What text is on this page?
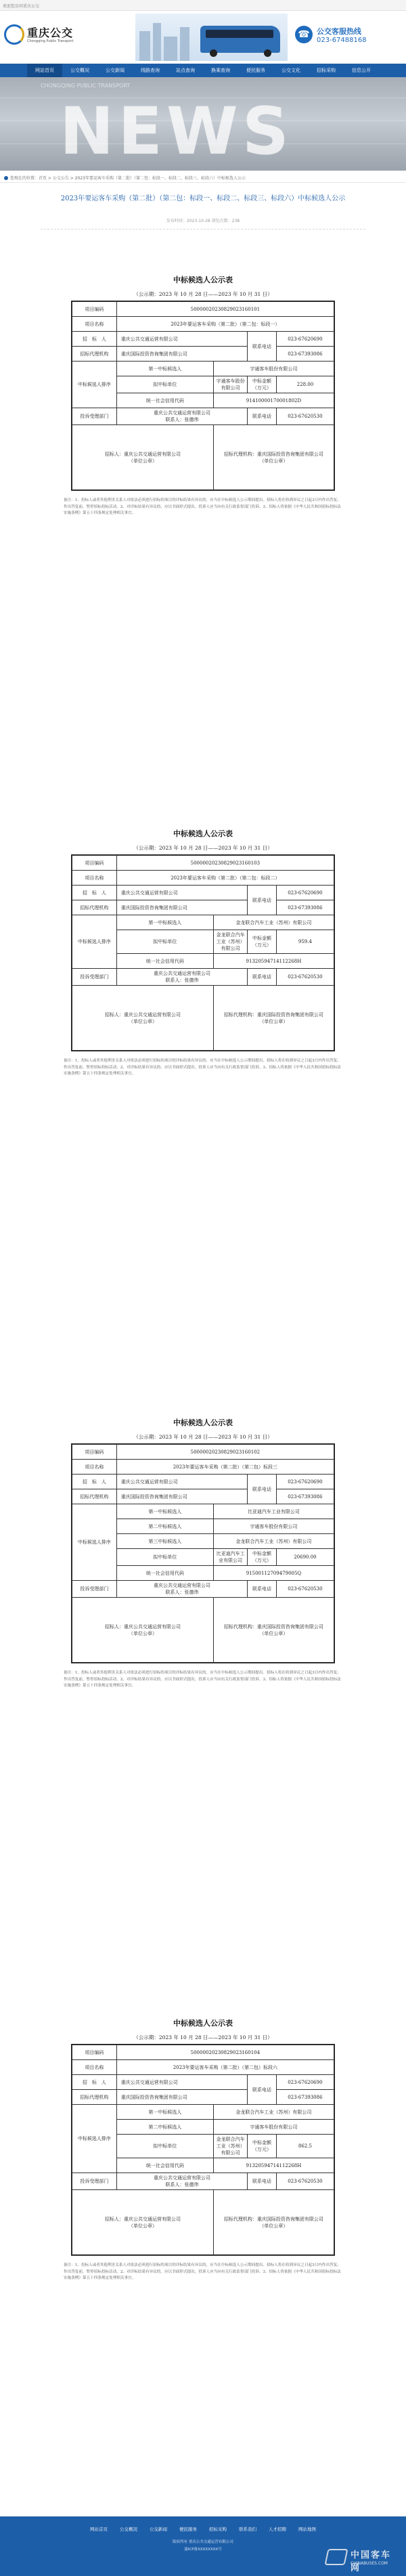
欢迎您访问重庆公交
重庆公交
Chongqing Public Transport
☎ 公交客服热线
023-67488168
网站首页	公交概况	公交新闻	线路查询	站点查询	换乘查询	便民服务	公交文化	招标采购	信息公开
CHONGQING PUBLIC TRANSPORT
NEWS
您现在的位置：首页 > 公交公告 > 2023年要运客车采购（第二批）（第二包：标段一、标段二、标段三、标段六）中标候选人公示
2023年要运客车采购（第二批）（第二包：标段一、标段二、标段三、标段六）中标候选人公示
发布时间：2023-10-28 浏览次数：238
中标候选人公示表
（公示期：2023 年 10 月 28 日——2023 年 10 月 31 日）
项目编码	50000020230829023160101			
项目名称	2023年要运客车采购（第二批）（第二包：标段一）			
招　标　人	重庆公共交通运营有限公司		联系电话	023-67620690
招标代理机构	重庆国际投资咨询集团有限公司			023-67393086
中标候选人排序	第一中标候选人	宇通客车股份有限公司		
	拟中标单位	宇通客车股份有限公司	中标金额（万元）	228.00
	统一社会信用代码	91410000170001802D		
投诉受理部门	重庆公共交通运营有限公司
联系人：张德伟		联系电话	023-67620530
招标人：重庆公共交通运营有限公司
（单位公章）		招标代理机构：重庆国际投资咨询集团有限公司
（单位公章）		
备注：1、投标人或者其他利害关系人对依法必须进行招标的项目的评标结果有异议的，应当在中标候选人公示期间提出。招标人将在收到异议之日起3日内作出答复；作出答复前，暂停招标投标活动。2、对评标结果有异议的，应以书面形式提出，投诉人应当向有关行政监督部门投诉。3、招标人将依据《中华人民共和国招标投标法实施条例》第五十四条规定处理相关事宜。
中标候选人公示表
（公示期：2023 年 10 月 28 日——2023 年 10 月 31 日）
项目编码	50000020230829023160103			
项目名称	2023年要运客车采购（第二批）（第二包：标段二）			
招　标　人	重庆公共交通运营有限公司		联系电话	023-67620690
招标代理机构	重庆国际投资咨询集团有限公司			023-67393086
中标候选人排序	第一中标候选人	金龙联合汽车工业（苏州）有限公司		
	拟中标单位	金龙联合汽车工业（苏州）有限公司	中标金额（万元）	959.4
	统一社会信用代码	91320594714112268H		
投诉受理部门	重庆公共交通运营有限公司
联系人：张德伟		联系电话	023-67620530
招标人：重庆公共交通运营有限公司
（单位公章）		招标代理机构：重庆国际投资咨询集团有限公司
（单位公章）		
备注：1、投标人或者其他利害关系人对依法必须进行招标的项目的评标结果有异议的，应当在中标候选人公示期间提出。招标人将在收到异议之日起3日内作出答复；作出答复前，暂停招标投标活动。2、对评标结果有异议的，应以书面形式提出，投诉人应当向有关行政监督部门投诉。3、招标人将依据《中华人民共和国招标投标法实施条例》第五十四条规定处理相关事宜。
中标候选人公示表
（公示期：2023 年 10 月 28 日——2023 年 10 月 31 日）
项目编码	50000020230829023160102			
项目名称	2023年要运客车采购（第二批）（第二包）标段三			
招　标　人	重庆公共交通运营有限公司		联系电话	023-67620690
招标代理机构	重庆国际投资咨询集团有限公司			023-67393086
中标候选人排序	第一中标候选人	比亚迪汽车工业有限公司		
	第二中标候选人	宇通客车股份有限公司		
	第三中标候选人	金龙联合汽车工业（苏州）有限公司		
	拟中标单位	比亚迪汽车工业有限公司	中标金额（万元）	20690.00
	统一社会信用代码	91500112709479005Q		
投诉受理部门	重庆公共交通运营有限公司
联系人：张德伟		联系电话	023-67620530
招标人：重庆公共交通运营有限公司
（单位公章）		招标代理机构：重庆国际投资咨询集团有限公司
（单位公章）		
备注：1、投标人或者其他利害关系人对依法必须进行招标的项目的评标结果有异议的，应当在中标候选人公示期间提出。招标人将在收到异议之日起3日内作出答复；作出答复前，暂停招标投标活动。2、对评标结果有异议的，应以书面形式提出，投诉人应当向有关行政监督部门投诉。3、招标人将依据《中华人民共和国招标投标法实施条例》第五十四条规定处理相关事宜。
中标候选人公示表
（公示期：2023 年 10 月 28 日——2023 年 10 月 31 日）
项目编码	50000020230829023160104			
项目名称	2023年要运客车采购（第二批）（第二包）标段六			
招　标　人	重庆公共交通运营有限公司		联系电话	023-67620690
招标代理机构	重庆国际投资咨询集团有限公司			023-67393086
中标候选人排序	第一中标候选人	金龙联合汽车工业（苏州）有限公司		
	第二中标候选人	宇通客车股份有限公司		
	拟中标单位	金龙联合汽车工业（苏州）有限公司	中标金额（万元）	862.5
	统一社会信用代码	91320594714112268H		
投诉受理部门	重庆公共交通运营有限公司
联系人：张德伟		联系电话	023-67620530
招标人：重庆公共交通运营有限公司
（单位公章）		招标代理机构：重庆国际投资咨询集团有限公司
（单位公章）		
备注：1、投标人或者其他利害关系人对依法必须进行招标的项目的评标结果有异议的，应当在中标候选人公示期间提出。招标人将在收到异议之日起3日内作出答复；作出答复前，暂停招标投标活动。2、对评标结果有异议的，应以书面形式提出，投诉人应当向有关行政监督部门投诉。3、招标人将依据《中华人民共和国招标投标法实施条例》第五十四条规定处理相关事宜。
网站首页	公交概况	公交新闻	便民服务	招标采购	联系我们	人才招聘	网站地图
版权所有 重庆公共交通运营有限公司
渝ICP备XXXXXXXX号
中国客车网
CHINABUSES.COM
